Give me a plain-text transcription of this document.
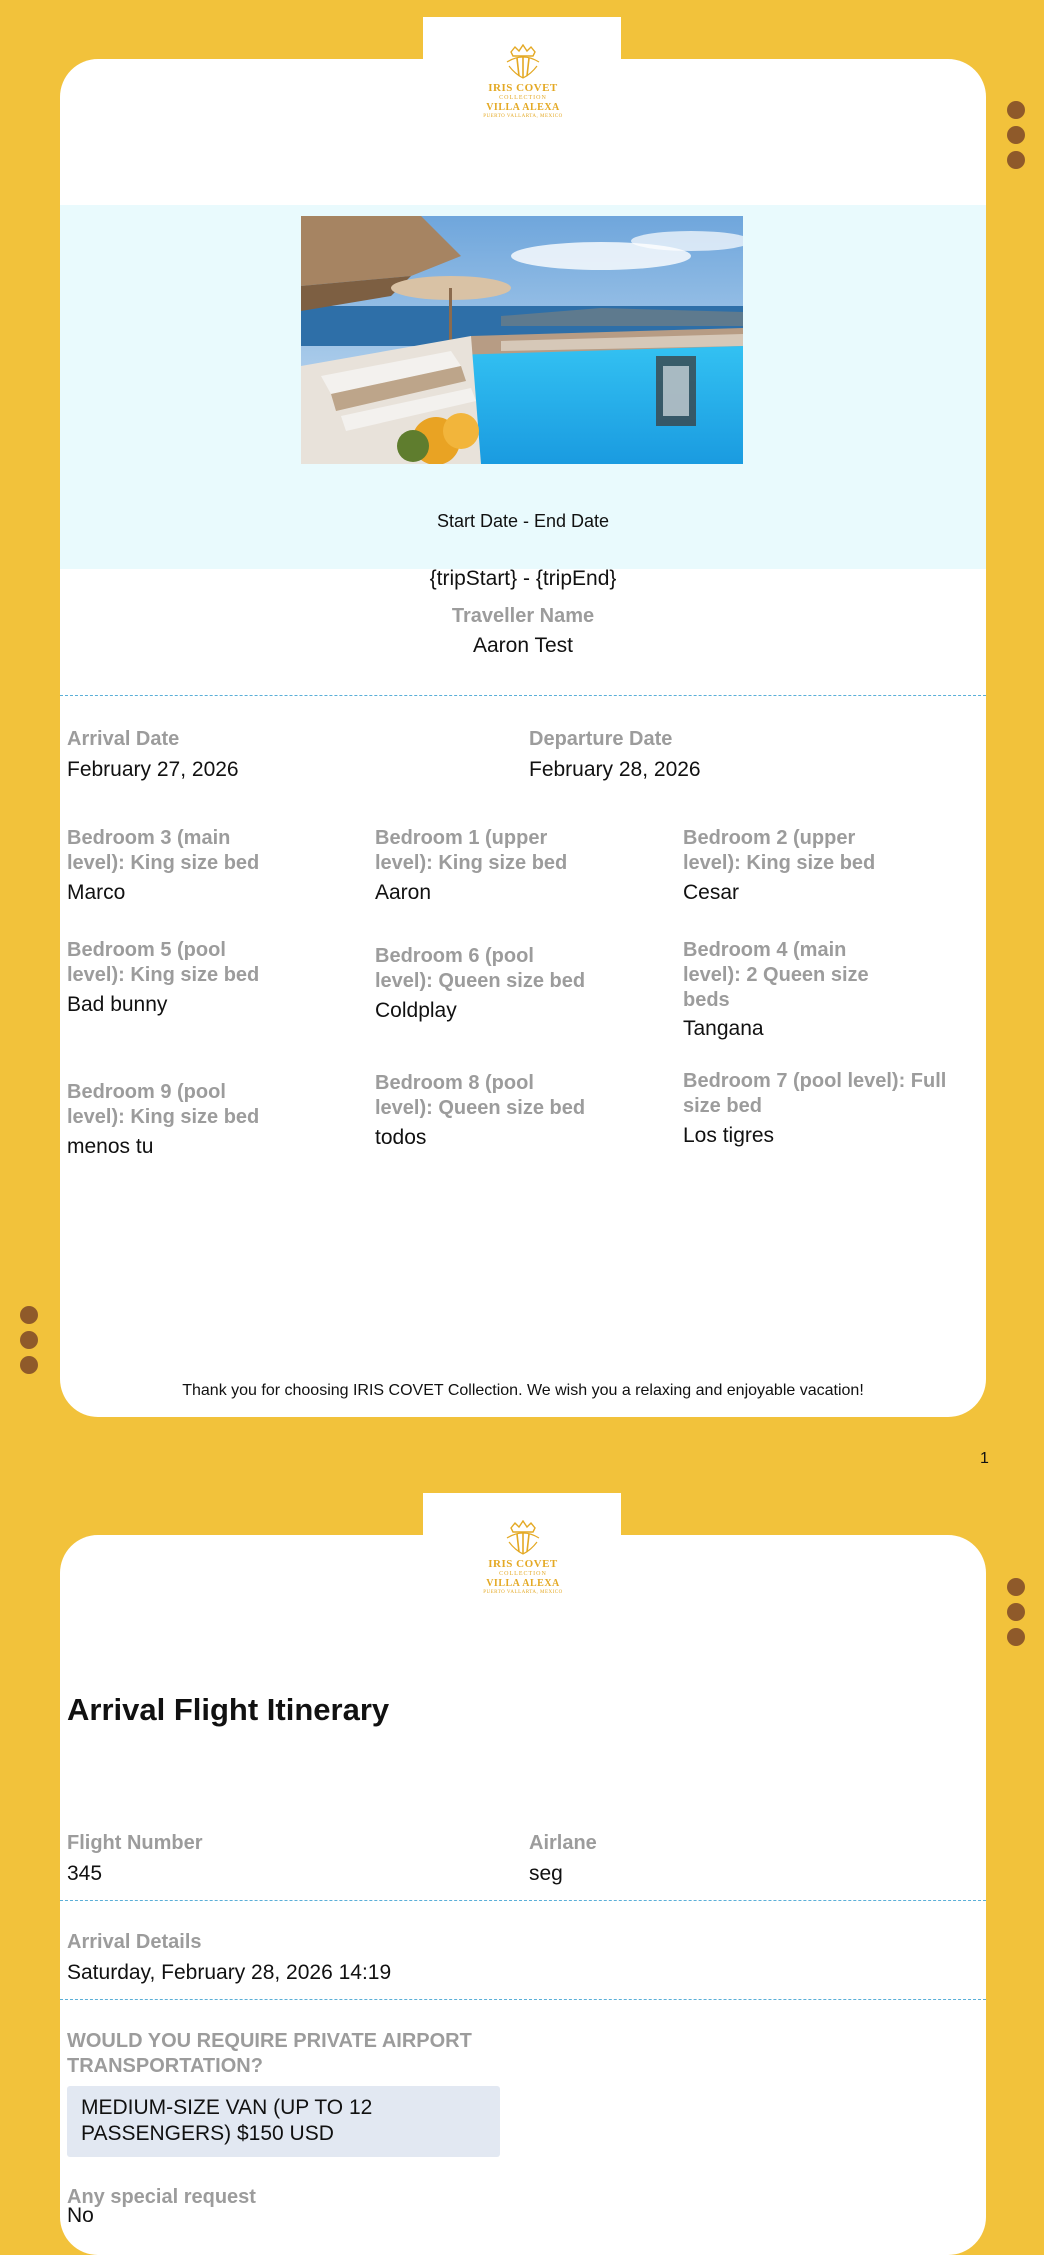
Start Date - End Date
{tripStart} - {tripEnd}
Traveller Name
Aaron Test
Arrival Date
February 27, 2026
Departure Date
February 28, 2026
Bedroom 3 (main level): King size bed
Marco
Bedroom 1 (upper level): King size bed
Aaron
Bedroom 2 (upper level): King size bed
Cesar
Bedroom 5 (pool level): King size bed
Bad bunny
Bedroom 6 (pool level): Queen size bed
Coldplay
Bedroom 4 (main level): 2 Queen size beds
Tangana
Bedroom 9 (pool level): King size bed
menos tu
Bedroom 8 (pool level): Queen size bed
todos
Bedroom 7 (pool level): Full size bed
Los tigres
Thank you for choosing IRIS COVET Collection. We wish you a relaxing and enjoyable vacation!
IRIS COVET
COLLECTION
VILLA ALEXA
PUERTO VALLARTA, MEXICO
1
Arrival Flight Itinerary
Flight Number
345
Airlane
seg
Arrival Details
Saturday, February 28, 2026 14:19
WOULD YOU REQUIRE PRIVATE AIRPORT TRANSPORTATION?
MEDIUM-SIZE VAN (UP TO 12 PASSENGERS) $150 USD
Any special request
No
IRIS COVET
COLLECTION
VILLA ALEXA
PUERTO VALLARTA, MEXICO
